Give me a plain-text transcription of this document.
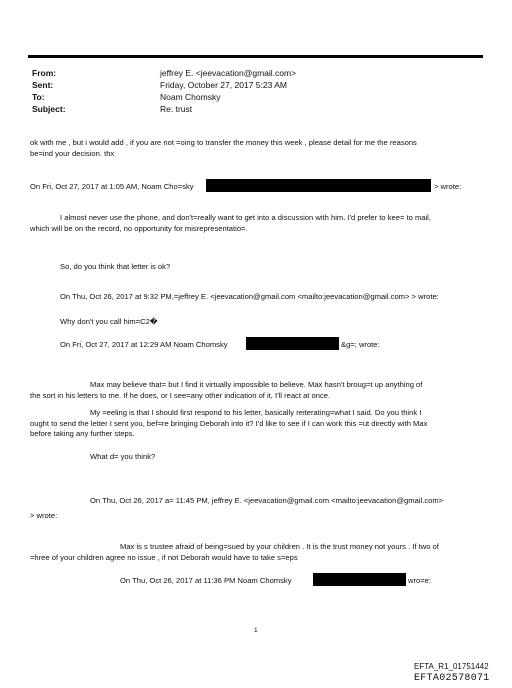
From:	jeffrey E. <jeevacation@gmail.com>
Sent:	Friday, October 27, 2017 5:23 AM
To:	Noam Chomsky
Subject:	Re: trust
ok with me , but i would add , if you are not =oing to transfer the money this week , please detail for me the reasons
be=ind your decision. thx
On Fri, Oct 27, 2017 at 1:05 AM, Noam Cho=sky	> wrote:
I almost never use the phone, and don't=really want to get into a discussion with him. I'd prefer to kee= to mail,
which will be on the record, no opportunity for misrepresentatio=.
So, do you think that letter is ok?
On Thu, Oct 26, 2017 at 9:32 PM,=jeffrey E. <jeevacation@gmail.com <mailto:jeevacation@gmail.com> > wrote:
Why don't you call him=C2�
On Fri, Oct 27, 2017 at 12:29 AM Noam Chomsky	&g=; wrote:
Max may believe that= but I find it virtually impossible to believe. Max hasn't broug=t up anything of
the sort in his letters to me. If he does, or I see=any other indication of it, I'll react at once.
My =eeling is that I should first respond to his letter, basically reiterating=what I said. Do you think I
ought to send the letter I sent you, bef=re bringing Deborah into it? I'd like to see if I can work this =ut directly with Max
before taking any further steps.
What d= you think?
On Thu, Oct 26, 2017 a= 11:45 PM, jeffrey E. <jeevacation@gmail.com <mailto:jeevacation@gmail.com>
> wrote:
Max is s trustee afraid of being=sued by your children . It is the trust money not yours . If two of
=hree of your children agree no issue , if not Deborah would have to take s=eps
On Thu, Oct 26, 2017 at 11:36 PM Noam Chomsky	wro=e:
1
EFTA_R1_01751442
EFTA02578071
